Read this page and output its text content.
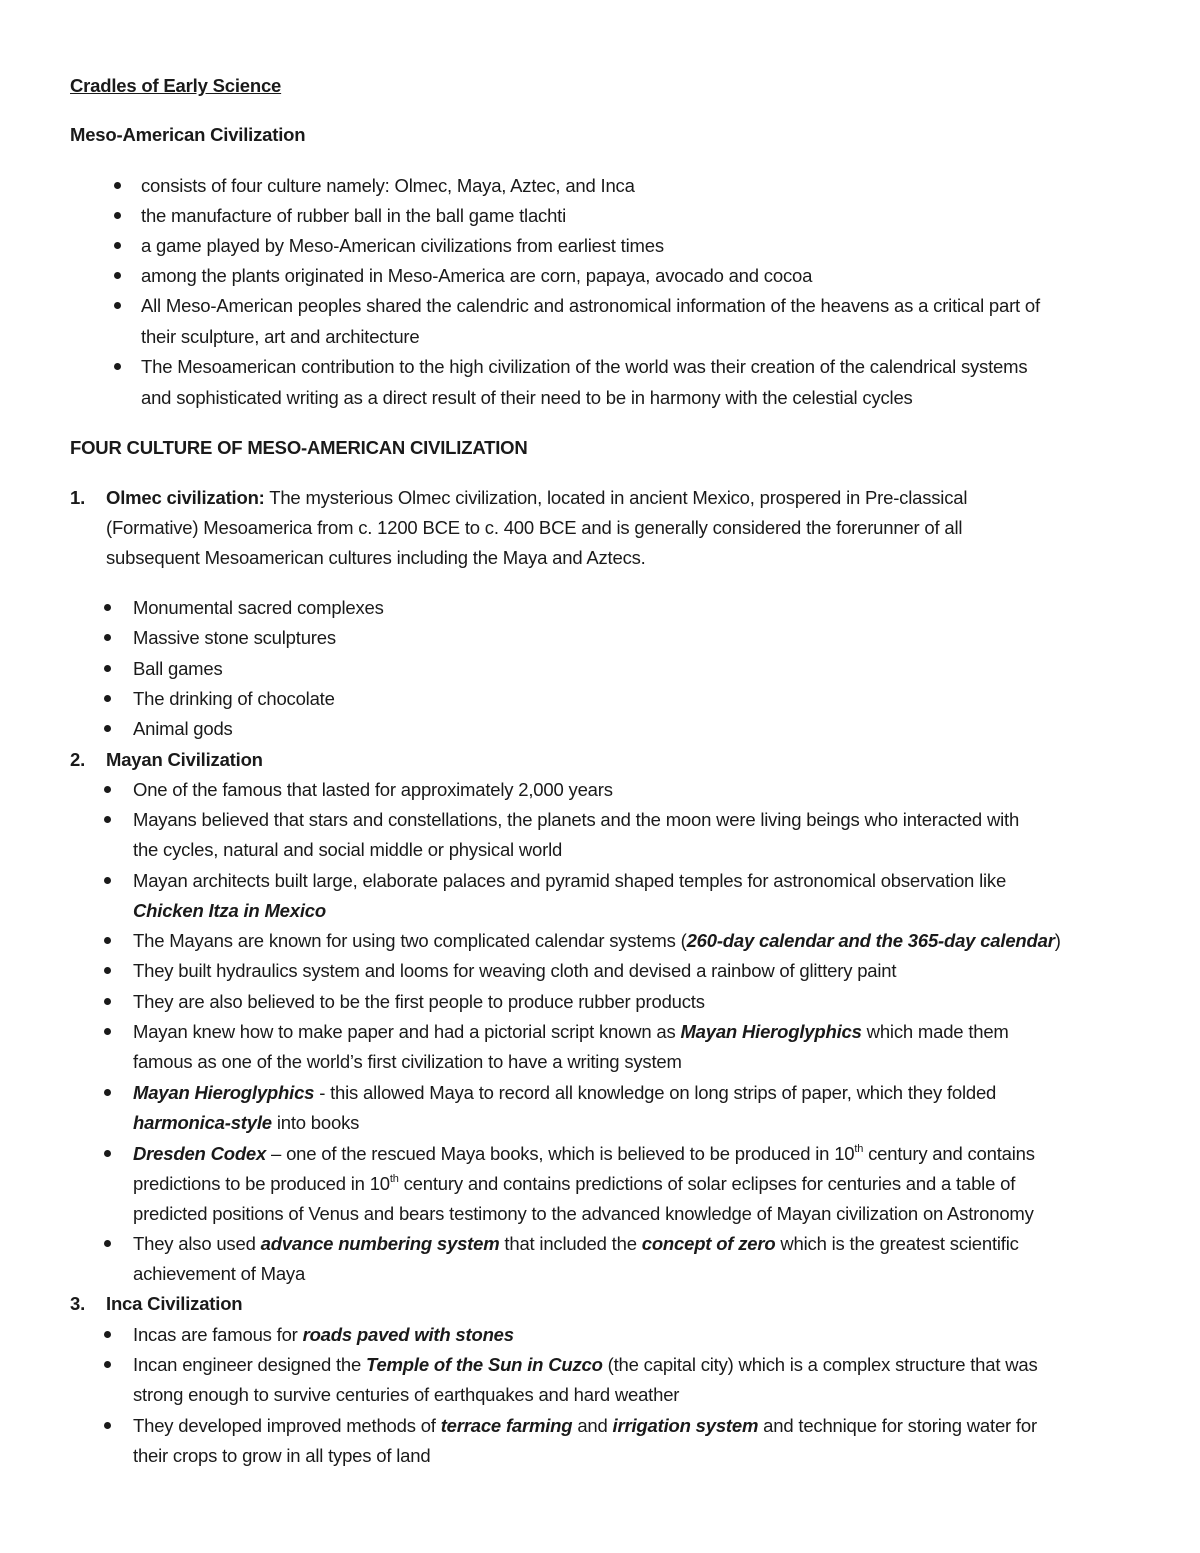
Cradles of Early Science
Meso-American Civilization
consists of four culture namely: Olmec, Maya, Aztec, and Inca
the manufacture of rubber ball in the ball game tlachti
a game played by Meso-American civilizations from earliest times
among the plants originated in Meso-America are corn, papaya, avocado and cocoa
All Meso-American peoples shared the calendric and astronomical information of the heavens as a critical part of
their sculpture, art and architecture
The Mesoamerican contribution to the high civilization of the world was their creation of the calendrical systems
and sophisticated writing as a direct result of their need to be in harmony with the celestial cycles
FOUR CULTURE OF MESO-AMERICAN CIVILIZATION
1. Olmec civilization: The mysterious Olmec civilization, located in ancient Mexico, prospered in Pre-classical
(Formative) Mesoamerica from c. 1200 BCE to c. 400 BCE and is generally considered the forerunner of all
subsequent Mesoamerican cultures including the Maya and Aztecs.
Monumental sacred complexes
Massive stone sculptures
Ball games
The drinking of chocolate
Animal gods
2. Mayan Civilization
One of the famous that lasted for approximately 2,000 years
Mayans believed that stars and constellations, the planets and the moon were living beings who interacted with
the cycles, natural and social middle or physical world
Mayan architects built large, elaborate palaces and pyramid shaped temples for astronomical observation like
Chicken Itza in Mexico
The Mayans are known for using two complicated calendar systems (260-day calendar and the 365-day calendar)
They built hydraulics system and looms for weaving cloth and devised a rainbow of glittery paint
They are also believed to be the first people to produce rubber products
Mayan knew how to make paper and had a pictorial script known as Mayan Hieroglyphics which made them
famous as one of the world’s first civilization to have a writing system
Mayan Hieroglyphics - this allowed Maya to record all knowledge on long strips of paper, which they folded
harmonica-style into books
Dresden Codex – one of the rescued Maya books, which is believed to be produced in 10th century and contains
predictions to be produced in 10th century and contains predictions of solar eclipses for centuries and a table of
predicted positions of Venus and bears testimony to the advanced knowledge of Mayan civilization on Astronomy
They also used advance numbering system that included the concept of zero which is the greatest scientific
achievement of Maya
3. Inca Civilization
Incas are famous for roads paved with stones
Incan engineer designed the Temple of the Sun in Cuzco (the capital city) which is a complex structure that was
strong enough to survive centuries of earthquakes and hard weather
They developed improved methods of terrace farming and irrigation system and technique for storing water for
their crops to grow in all types of land
